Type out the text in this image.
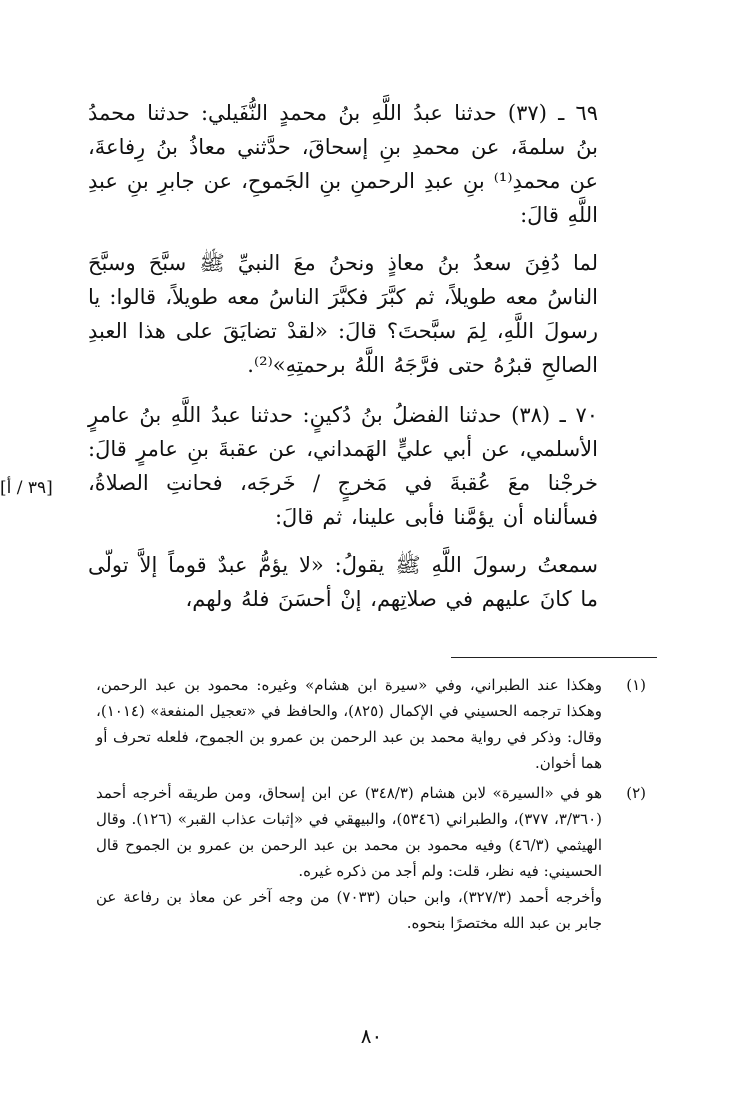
٦٩ ـ (٣٧) حدثنا عبدُ اللَّهِ بنُ محمدٍ النُّفَيلي: حدثنا محمدُ بنُ سلمةَ، عن محمدِ بنِ إسحاقَ، حدَّثني معاذُ بنُ رِفاعةَ، عن محمدِ⁽¹⁾ بنِ عبدِ الرحمنِ بنِ الجَموحِ، عن جابرِ بنِ عبدِ اللَّهِ قالَ:

لما دُفِنَ سعدُ بنُ معاذٍ ونحنُ معَ النبيِّ ﷺ سبَّحَ وسبَّحَ الناسُ معه طويلاً، ثم كبَّرَ فكبَّرَ الناسُ معه طويلاً، قالوا: يا رسولَ اللَّهِ، لِمَ سبَّحتَ؟ قالَ: «لقدْ تضايَقَ على هذا العبدِ الصالحِ قبرُهُ حتى فرَّجَهُ اللَّهُ برحمتِهِ»⁽²⁾.

٧٠ ـ (٣٨) حدثنا الفضلُ بنُ دُكينٍ: حدثنا عبدُ اللَّهِ بنُ عامرٍ الأسلمي، عن أبي عليٍّ الهَمداني، عن عقبةَ بنِ عامرٍ قالَ: خرجْنا معَ عُقبةَ في مَخرجٍ / خَرجَه، فحانتِ الصلاةُ، فسألناه أن يؤمَّنا فأبى علينا، ثم قالَ:

سمعتُ رسولَ اللَّهِ ﷺ يقولُ: «لا يؤمُّ عبدٌ قوماً إلاَّ تولّى ما كانَ عليهم في صلاتِهم، إنْ أحسَنَ فلهُ ولهم،

[٣٩ / أ]
(١)
وهكذا عند الطبراني، وفي «سيرة ابن هشام» وغيره: محمود بن عبد الرحمن، وهكذا ترجمه الحسيني في الإكمال (٨٢٥)، والحافظ في «تعجيل المنفعة» (١٠١٤)، وقال: وذكر في رواية محمد بن عبد الرحمن بن عمرو بن الجموح، فلعله تحرف أو هما أخوان.
(٢)
هو في «السيرة» لابن هشام (٣٤٨/٣) عن ابن إسحاق، ومن طريقه أخرجه أحمد (٣/٣٦٠، ٣٧٧)، والطبراني (٥٣٤٦)، والبيهقي في «إثبات عذاب القبر» (١٢٦). وقال الهيثمي (٤٦/٣) وفيه محمود بن محمد بن عبد الرحمن بن عمرو بن الجموح قال الحسيني: فيه نظر، قلت: ولم أجد من ذكره غيره.
وأخرجه أحمد (٣٢٧/٣)، وابن حبان (٧٠٣٣) من وجه آخر عن معاذ بن رفاعة عن جابر بن عبد الله مختصرًا بنحوه.
٨٠
